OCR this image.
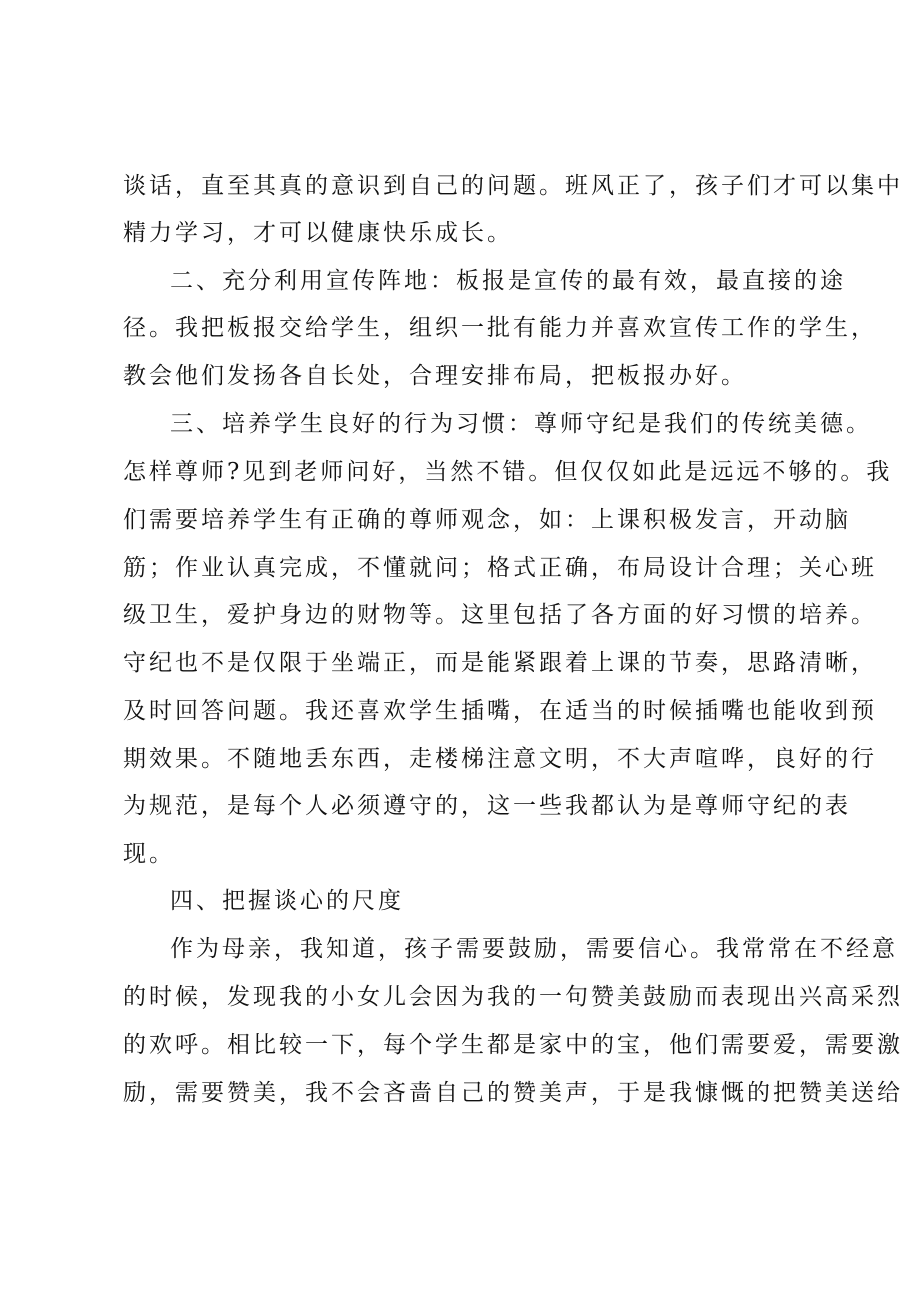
谈话，直至其真的意识到自己的问题。班风正了，孩子们才可以集中
精力学习，才可以健康快乐成长。
二、充分利用宣传阵地：板报是宣传的最有效，最直接的途
径。我把板报交给学生，组织一批有能力并喜欢宣传工作的学生，
教会他们发扬各自长处，合理安排布局，把板报办好。
三、培养学生良好的行为习惯：尊师守纪是我们的传统美德。
怎样尊师?见到老师问好，当然不错。但仅仅如此是远远不够的。我
们需要培养学生有正确的尊师观念，如：上课积极发言，开动脑
筋；作业认真完成，不懂就问；格式正确，布局设计合理；关心班
级卫生，爱护身边的财物等。这里包括了各方面的好习惯的培养。
守纪也不是仅限于坐端正，而是能紧跟着上课的节奏，思路清晰，
及时回答问题。我还喜欢学生插嘴，在适当的时候插嘴也能收到预
期效果。不随地丢东西，走楼梯注意文明，不大声喧哗，良好的行
为规范，是每个人必须遵守的，这一些我都认为是尊师守纪的表
现。
四、把握谈心的尺度
作为母亲，我知道，孩子需要鼓励，需要信心。我常常在不经意
的时候，发现我的小女儿会因为我的一句赞美鼓励而表现出兴高采烈
的欢呼。相比较一下，每个学生都是家中的宝，他们需要爱，需要激
励，需要赞美，我不会吝啬自己的赞美声，于是我慷慨的把赞美送给
